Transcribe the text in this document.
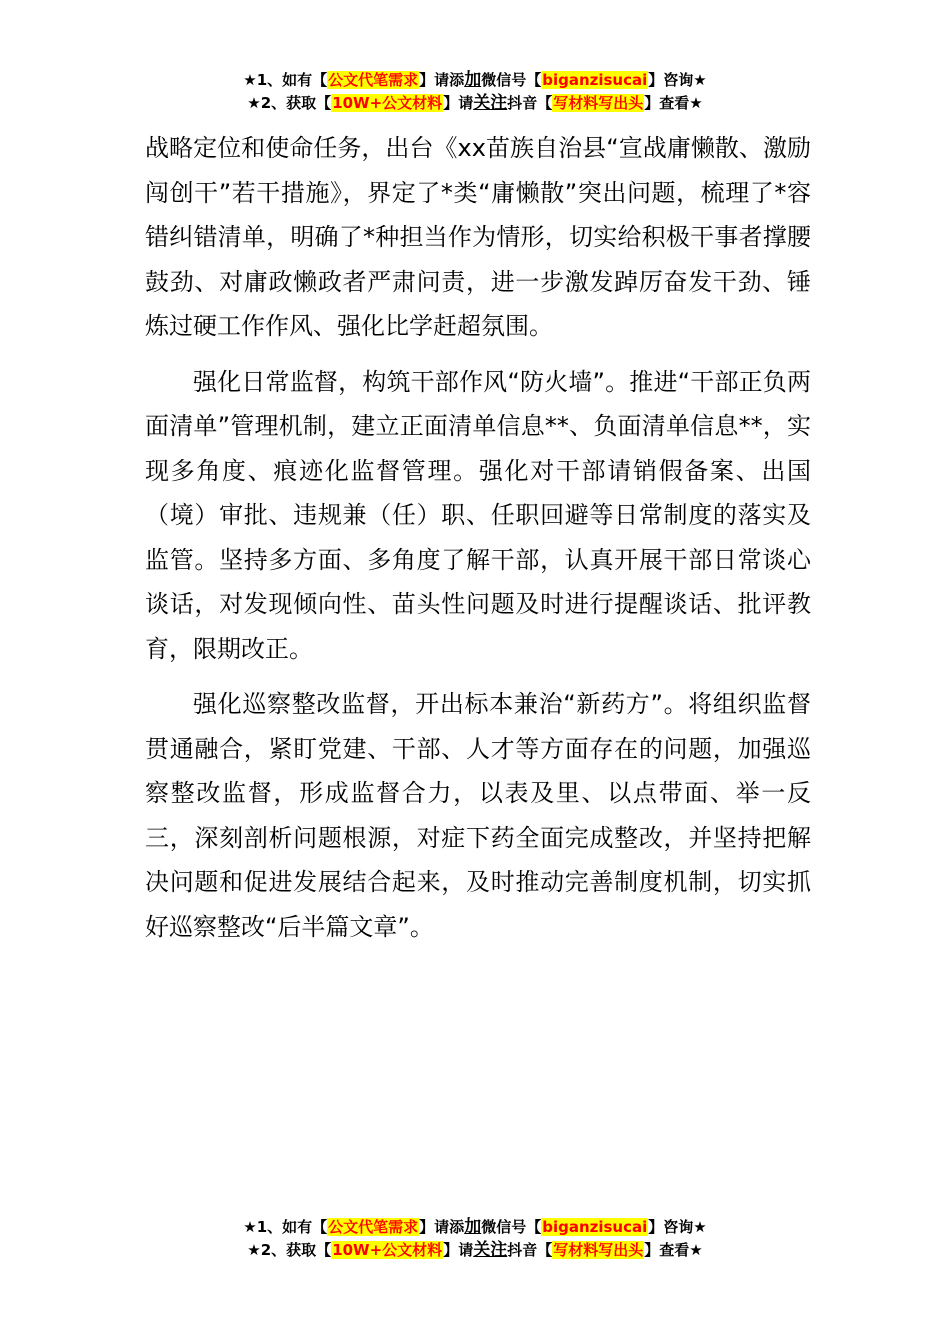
★1、如有【公文代笔需求】请添加微信号【biganzisucai】咨询★
★2、获取【10W+公文材料】请关注抖音【写材料写出头】查看★

战略定位和使命任务，出台《xx苗族自治县“宣战庸懒散、激励闯创干”若干措施》，界定了*类“庸懒散”突出问题，梳理了*容错纠错清单，明确了*种担当作为情形，切实给积极干事者撑腰鼓劲、对庸政懒政者严肃问责，进一步激发踔厉奋发干劲、锤炼过硬工作作风、强化比学赶超氛围。

强化日常监督，构筑干部作风“防火墙”。推进“干部正负两面清单”管理机制，建立正面清单信息**、负面清单信息**，实现多角度、痕迹化监督管理。强化对干部请销假备案、出国（境）审批、违规兼（任）职、任职回避等日常制度的落实及监管。坚持多方面、多角度了解干部，认真开展干部日常谈心谈话，对发现倾向性、苗头性问题及时进行提醒谈话、批评教育，限期改正。

强化巡察整改监督，开出标本兼治“新药方”。将组织监督贯通融合，紧盯党建、干部、人才等方面存在的问题，加强巡察整改监督，形成监督合力，以表及里、以点带面、举一反三，深刻剖析问题根源，对症下药全面完成整改，并坚持把解决问题和促进发展结合起来，及时推动完善制度机制，切实抓好巡察整改“后半篇文章”。

★1、如有【公文代笔需求】请添加微信号【biganzisucai】咨询★
★2、获取【10W+公文材料】请关注抖音【写材料写出头】查看★
